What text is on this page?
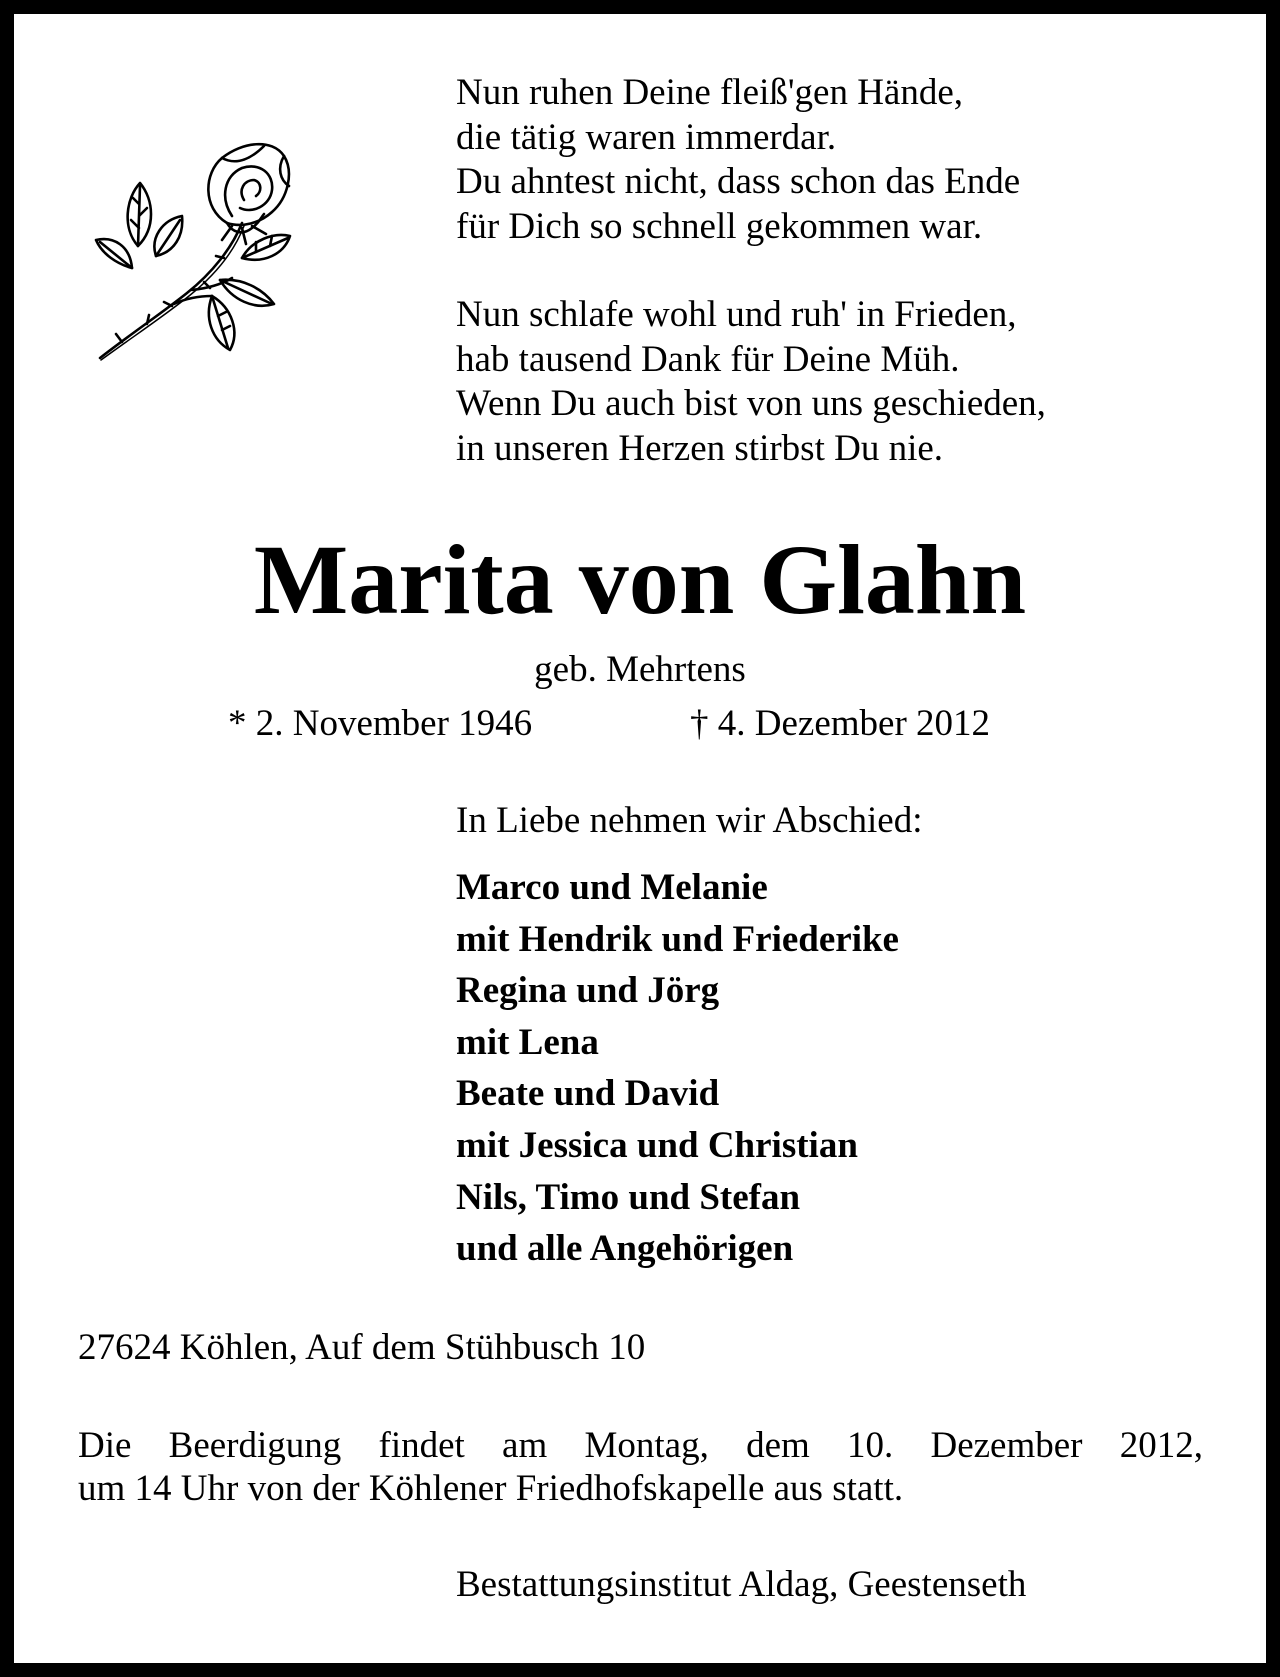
Nun ruhen Deine fleiß'gen Hände,
die tätig waren immerdar.
Du ahntest nicht, dass schon das Ende
für Dich so schnell gekommen war.
Nun schlafe wohl und ruh' in Frieden,
hab tausend Dank für Deine Müh.
Wenn Du auch bist von uns geschieden,
in unseren Herzen stirbst Du nie.
Marita von Glahn
geb. Mehrtens
* 2. November 1946	† 4. Dezember 2012
In Liebe nehmen wir Abschied:
Marco und Melanie
mit Hendrik und Friederike
Regina und Jörg
mit Lena
Beate und David
mit Jessica und Christian
Nils, Timo und Stefan
und alle Angehörigen
27624 Köhlen, Auf dem Stühbusch 10
Die Beerdigung findet am Montag, dem 10. Dezember 2012,
um 14 Uhr von der Köhlener Friedhofskapelle aus statt.
Bestattungsinstitut Aldag, Geestenseth
